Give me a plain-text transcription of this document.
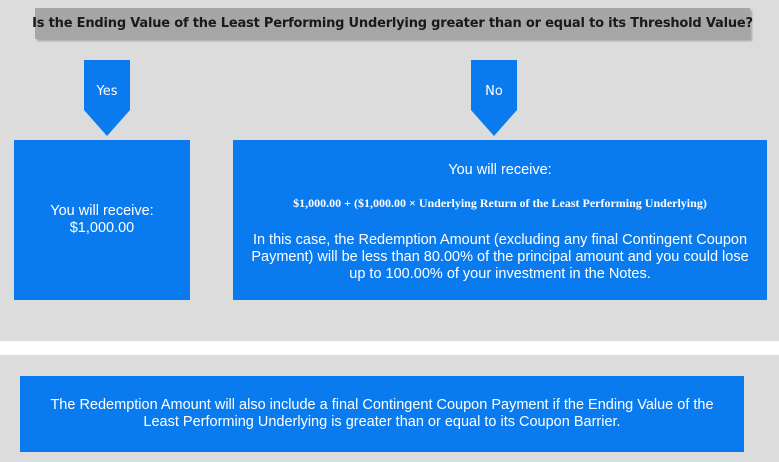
Is the Ending Value of the Least Performing Underlying greater than or equal to its Threshold Value?
Yes	No
You will receive:
$1,000.00
You will receive:
$1,000.00 + ($1,000.00 × Underlying Return of the Least Performing Underlying)
In this case, the Redemption Amount (excluding any final Contingent Coupon Payment) will be less than 80.00% of the principal amount and you could lose up to 100.00% of your investment in the Notes.
The Redemption Amount will also include a final Contingent Coupon Payment if the Ending Value of the Least Performing Underlying is greater than or equal to its Coupon Barrier.
